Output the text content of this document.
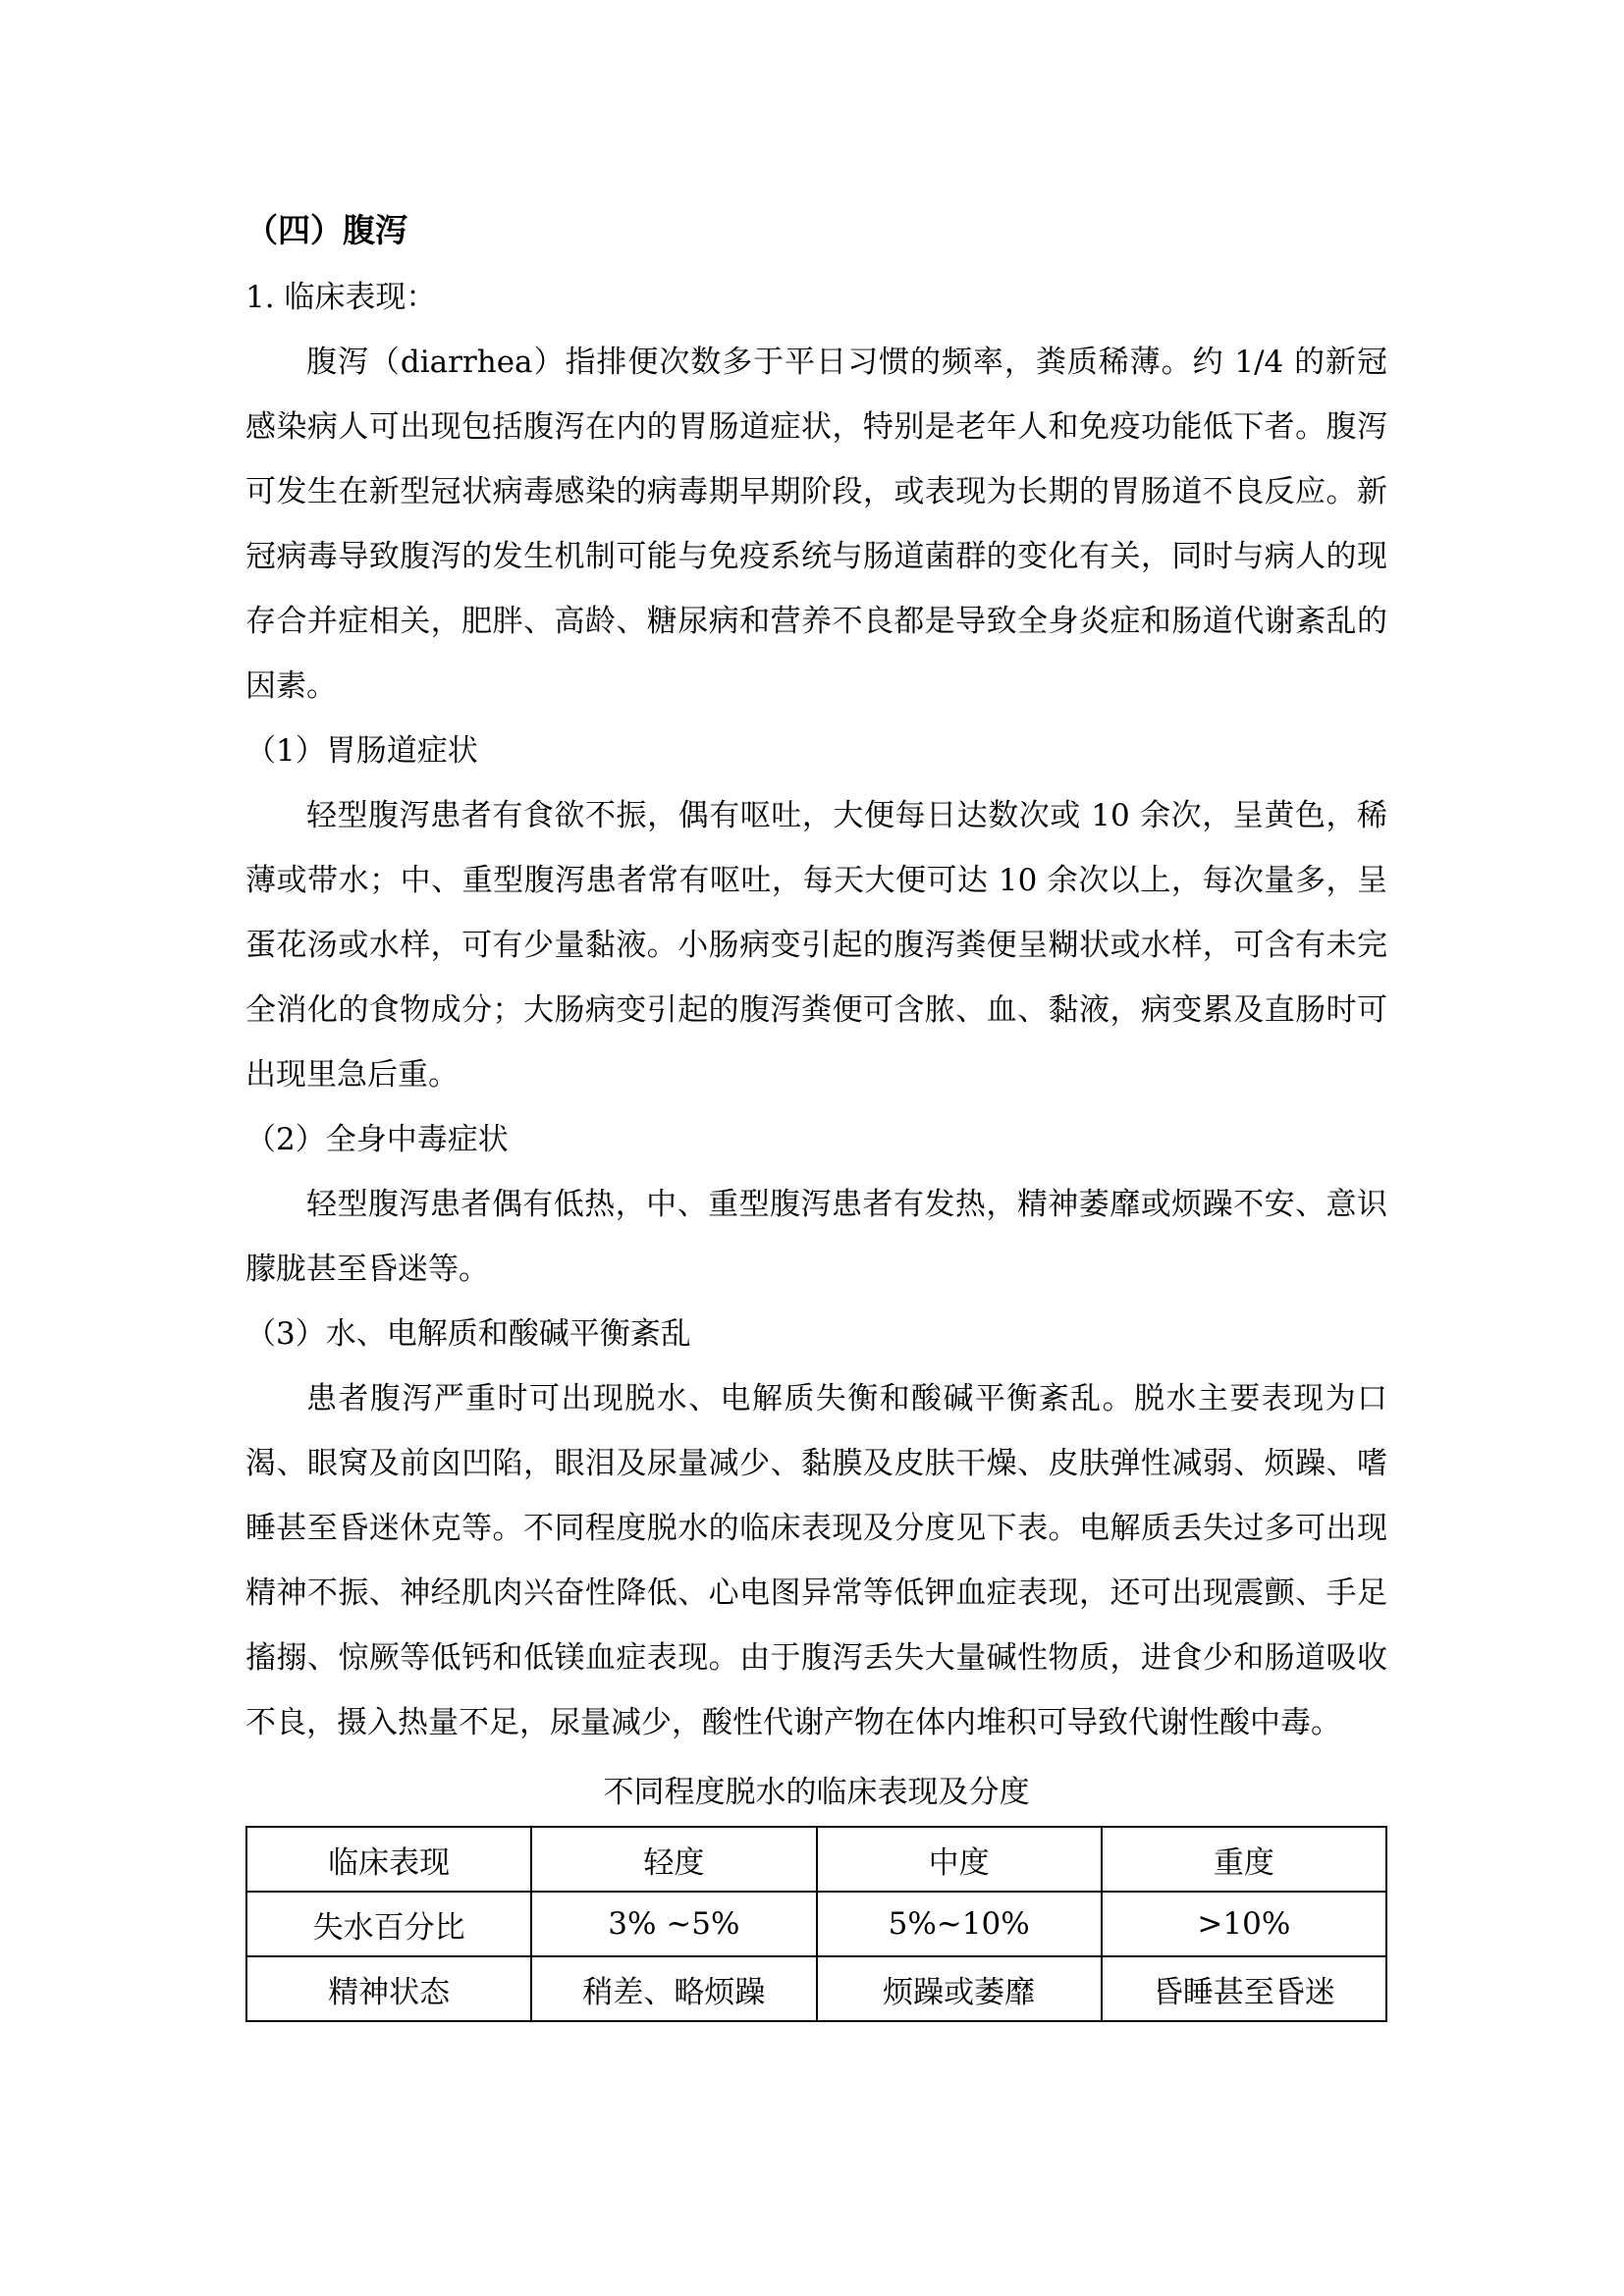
（四）腹泻

1. 临床表现：

腹泻（diarrhea）指排便次数多于平日习惯的频率，粪质稀薄。约 1/4 的新冠感染病人可出现包括腹泻在内的胃肠道症状，特别是老年人和免疫功能低下者。腹泻可发生在新型冠状病毒感染的病毒期早期阶段，或表现为长期的胃肠道不良反应。新冠病毒导致腹泻的发生机制可能与免疫系统与肠道菌群的变化有关，同时与病人的现存合并症相关，肥胖、高龄、糖尿病和营养不良都是导致全身炎症和肠道代谢紊乱的因素。

（1）胃肠道症状

轻型腹泻患者有食欲不振，偶有呕吐，大便每日达数次或 10 余次，呈黄色，稀薄或带水；中、重型腹泻患者常有呕吐，每天大便可达 10 余次以上，每次量多，呈蛋花汤或水样，可有少量黏液。小肠病变引起的腹泻粪便呈糊状或水样，可含有未完全消化的食物成分；大肠病变引起的腹泻粪便可含脓、血、黏液，病变累及直肠时可出现里急后重。

（2）全身中毒症状

轻型腹泻患者偶有低热，中、重型腹泻患者有发热，精神萎靡或烦躁不安、意识朦胧甚至昏迷等。

（3）水、电解质和酸碱平衡紊乱

患者腹泻严重时可出现脱水、电解质失衡和酸碱平衡紊乱。脱水主要表现为口渴、眼窝及前囟凹陷，眼泪及尿量减少、黏膜及皮肤干燥、皮肤弹性减弱、烦躁、嗜睡甚至昏迷休克等。不同程度脱水的临床表现及分度见下表。电解质丢失过多可出现精神不振、神经肌肉兴奋性降低、心电图异常等低钾血症表现，还可出现震颤、手足搐搦、惊厥等低钙和低镁血症表现。由于腹泻丢失大量碱性物质，进食少和肠道吸收不良，摄入热量不足，尿量减少，酸性代谢产物在体内堆积可导致代谢性酸中毒。

不同程度脱水的临床表现及分度
临床表现	轻度	中度	重度
失水百分比	3% ~5%	5%~10%	>10%
精神状态	稍差、略烦躁	烦躁或萎靡	昏睡甚至昏迷
